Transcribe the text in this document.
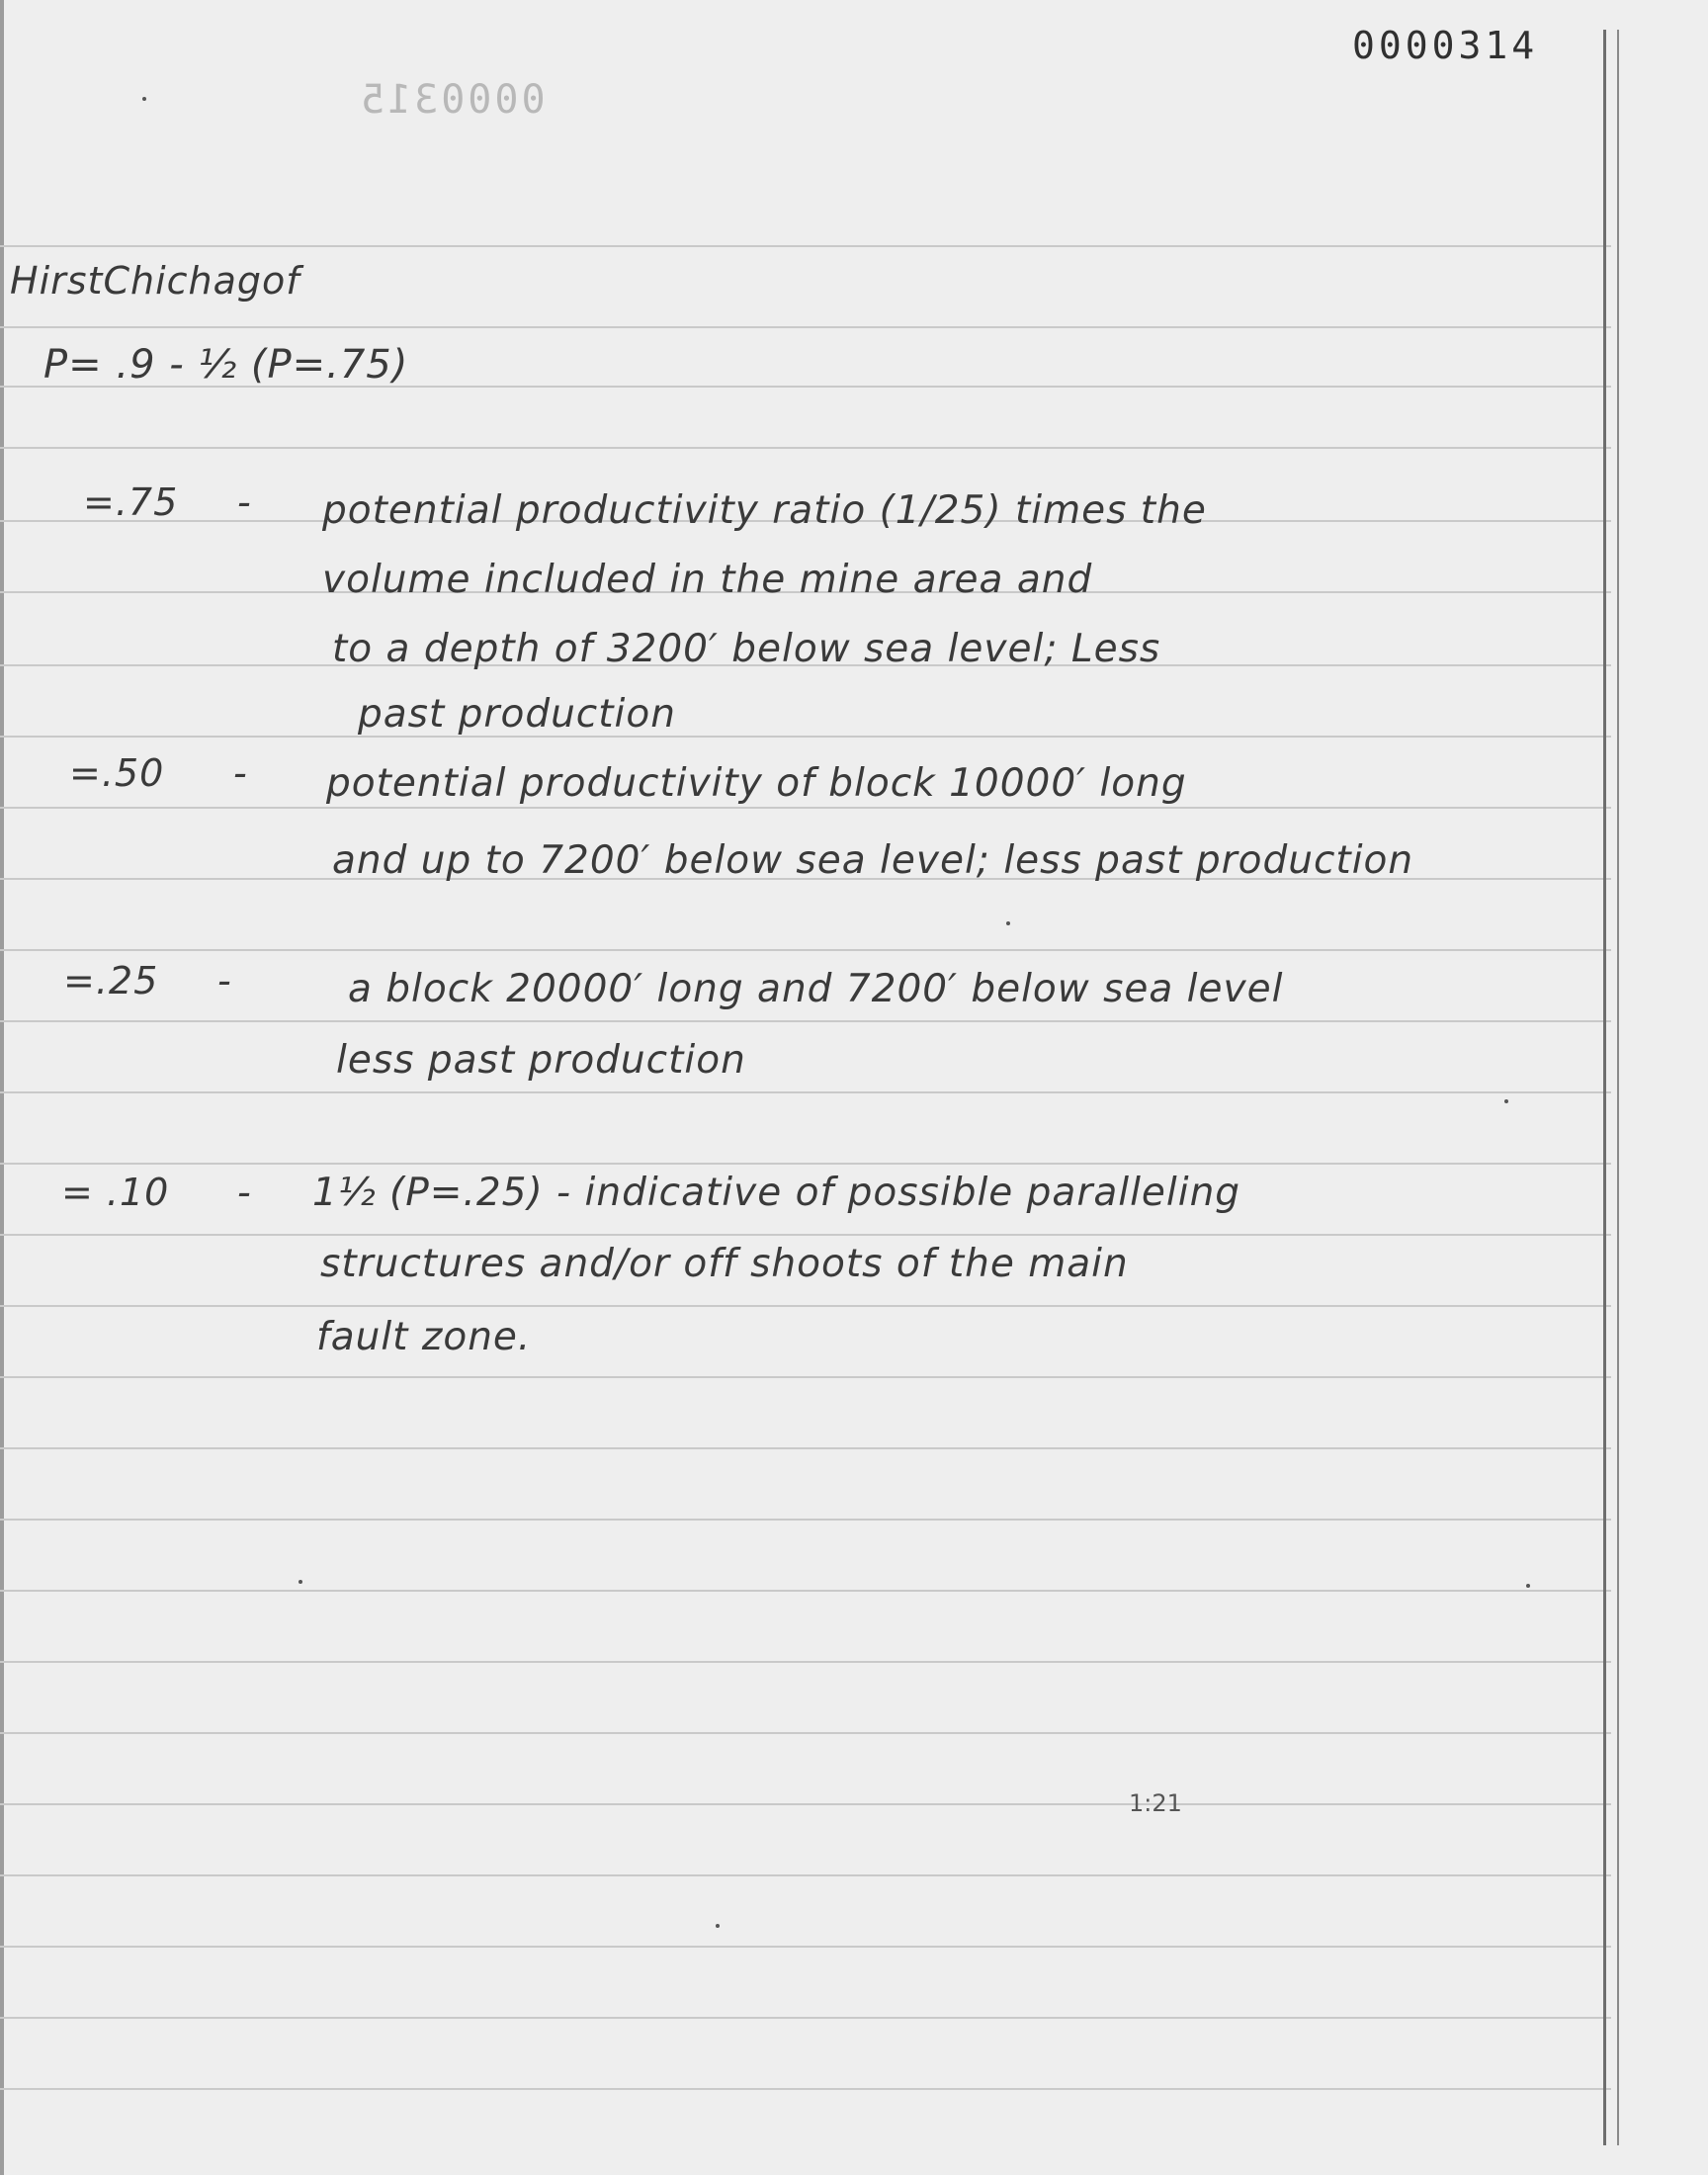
0000314
0000315
HirstChichagof
P= .9 - ½ (P=.75)
=.75 - potential productivity ratio (1/25) times the
volume included in the mine area and
to a depth of 3200′ below sea level; Less
past production
=.50 - potential productivity of block 10000′ long
and up to 7200′ below sea level; less past production
=.25 -	a block 20000′ long and 7200′ below sea level
less past production
= .10 - 1½ (P=.25) - indicative of possible paralleling
structures and/or off shoots of the main
fault zone.
1:21
